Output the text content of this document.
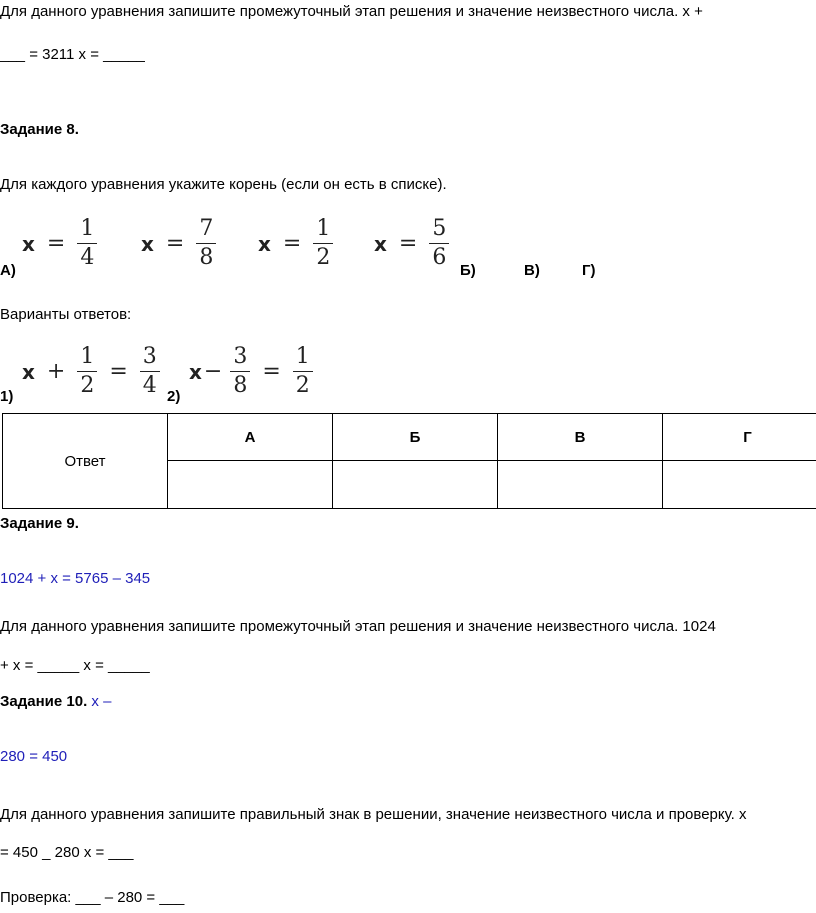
Для данного уравнения запишите промежуточный этап решения и значение неизвестного числа. x +
___ = 3211 x = _____
Задание 8.
Для каждого уравнения укажите корень (если он есть в списке).
$x = \frac{1}{4}$
А)
$x = \frac{7}{8}$
Б)
$x = \frac{1}{2}$
В)
$x = \frac{5}{6}$
Г)
Варианты ответов:
$x + \frac{1}{2} = \frac{3}{4}$
1)
$x - \frac{3}{8} = \frac{1}{2}$
2)
Ответ	А	Б	В	Г

Задание 9.
1024 + x = 5765 – 345
Для данного уравнения запишите промежуточный этап решения и значение неизвестного числа. 1024
+ x = _____ x = _____
Задание 10. x –
280 = 450
Для данного уравнения запишите правильный знак в решении, значение неизвестного числа и проверку. x
= 450 _ 280 x = ___
Проверка: ___ – 280 = ___
